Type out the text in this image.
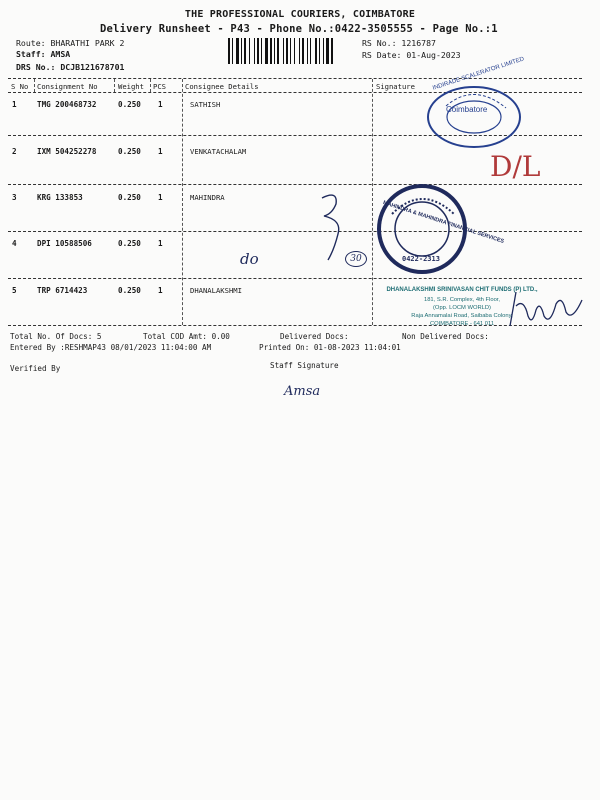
THE PROFESSIONAL COURIERS, COIMBATORE
Delivery Runsheet - P43 - Phone No.:0422-3505555 - Page No.:1
Route: BHARATHI PARK 2
Staff: AMSA
DRS No.: DCJB121678701
RS No.: 1216787
RS Date: 01-Aug-2023
S No Consignment No	Weight PCS	Consignee Details	Signature
1	TMG 200468732	0.250 1	SATHISH
2	IXM 504252278	0.250 1	VENKATACHALAM
3	KRG 133853	0.250 1	MAHINDRA
4	DPI 10588506	0.250 1
5	TRP 6714423	0.250 1	DHANALAKSHMI
Total No. Of Docs: 5	Total COD Amt: 0.00	Delivered Docs:	Non Delivered Docs:
Entered By :RESHMAP43 08/01/2023 11:04:00 AM	Printed On: 01-08-2023 11:04:01
Verified By	Staff Signature
Coimbatore
INDIRADE SCALERATOR LIMITED
D/L
MAHINDRA & MAHINDRA FINANCIAL SERVICES
0422-2313
do	30
DHANALAKSHMI SRINIVASAN CHIT FUNDS (P) LTD.,
181, S.R. Complex, 4th Floor,
(Opp. LOCM WORLD)
Raja Annamalai Road, Saibaba Colony,
COIMBATORE - 641 011
Amsa
